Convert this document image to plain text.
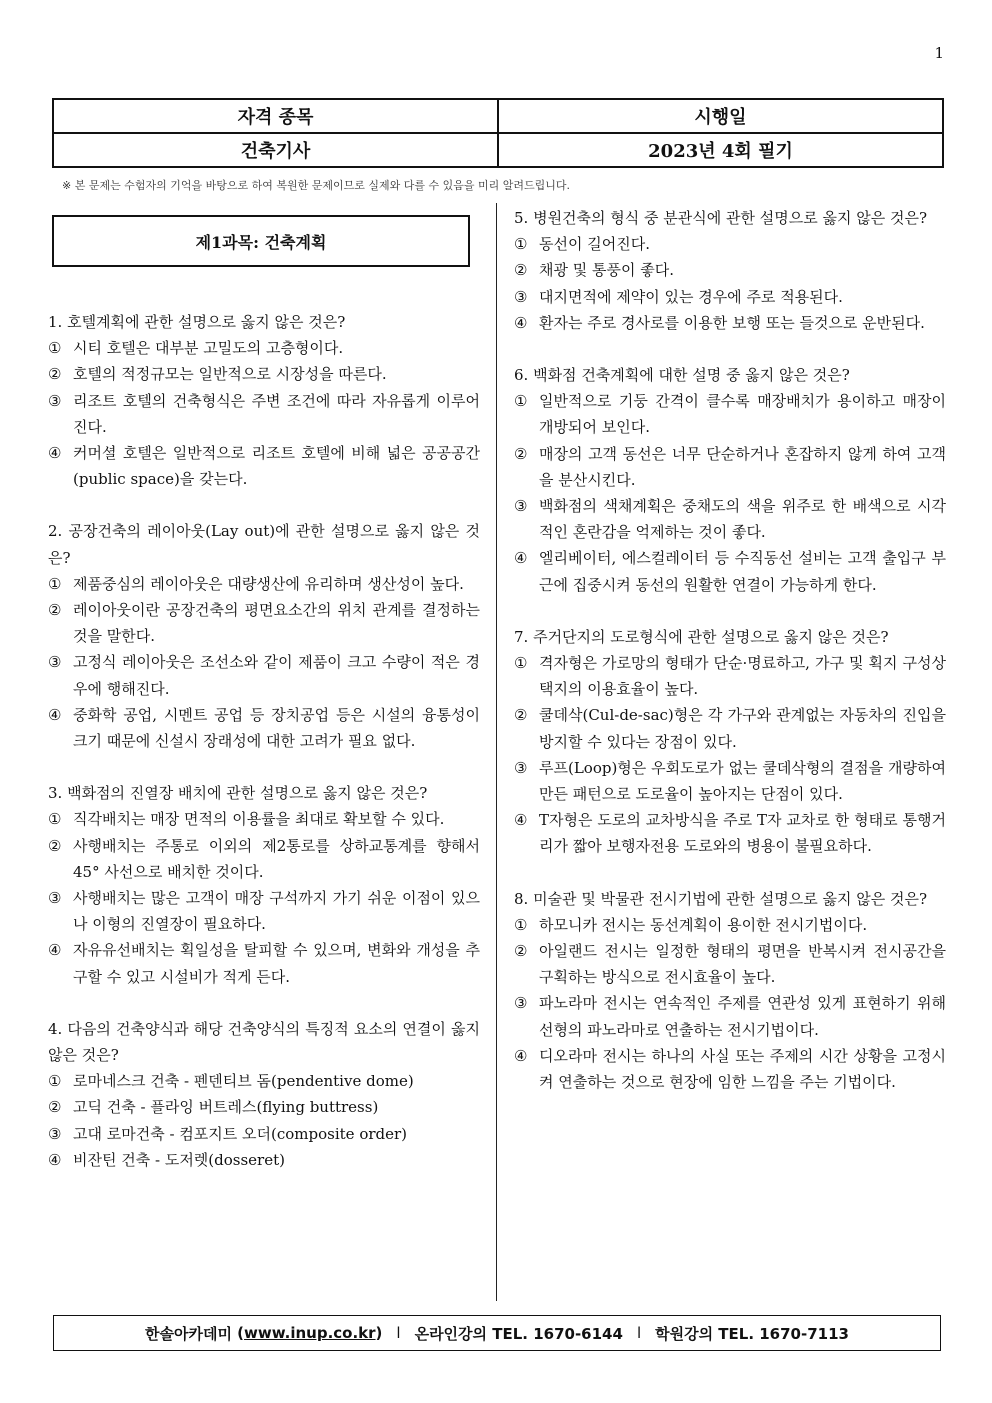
1
자격 종목	시행일
건축기사	2023년 4회 필기
※ 본 문제는 수험자의 기억을 바탕으로 하여 복원한 문제이므로 실제와 다를 수 있음을 미리 알려드립니다.
제1과목: 건축계획
1. 호텔계획에 관한 설명으로 옳지 않은 것은?
① 시티 호텔은 대부분 고밀도의 고층형이다.
② 호텔의 적정규모는 일반적으로 시장성을 따른다.
③ 리조트 호텔의 건축형식은 주변 조건에 따라 자유롭게 이루어진다.
④ 커머셜 호텔은 일반적으로 리조트 호텔에 비해 넓은 공공공간(public space)을 갖는다.
2. 공장건축의 레이아웃(Lay out)에 관한 설명으로 옳지 않은 것은?
① 제품중심의 레이아웃은 대량생산에 유리하며 생산성이 높다.
② 레이아웃이란 공장건축의 평면요소간의 위치 관계를 결정하는 것을 말한다.
③ 고정식 레이아웃은 조선소와 같이 제품이 크고 수량이 적은 경우에 행해진다.
④ 중화학 공업, 시멘트 공업 등 장치공업 등은 시설의 융통성이 크기 때문에 신설시 장래성에 대한 고려가 필요 없다.
3. 백화점의 진열장 배치에 관한 설명으로 옳지 않은 것은?
① 직각배치는 매장 면적의 이용률을 최대로 확보할 수 있다.
② 사행배치는 주통로 이외의 제2통로를 상하교통계를 향해서 45° 사선으로 배치한 것이다.
③ 사행배치는 많은 고객이 매장 구석까지 가기 쉬운 이점이 있으나 이형의 진열장이 필요하다.
④ 자유유선배치는 획일성을 탈피할 수 있으며, 변화와 개성을 추구할 수 있고 시설비가 적게 든다.
4. 다음의 건축양식과 해당 건축양식의 특징적 요소의 연결이 옳지 않은 것은?
① 로마네스크 건축 - 펜덴티브 돔(pendentive dome)
② 고딕 건축 - 플라잉 버트레스(flying buttress)
③ 고대 로마건축 - 컴포지트 오더(composite order)
④ 비잔틴 건축 - 도저렛(dosseret)
5. 병원건축의 형식 중 분관식에 관한 설명으로 옳지 않은 것은?
① 동선이 길어진다.
② 채광 및 통풍이 좋다.
③ 대지면적에 제약이 있는 경우에 주로 적용된다.
④ 환자는 주로 경사로를 이용한 보행 또는 들것으로 운반된다.
6. 백화점 건축계획에 대한 설명 중 옳지 않은 것은?
① 일반적으로 기둥 간격이 클수록 매장배치가 용이하고 매장이 개방되어 보인다.
② 매장의 고객 동선은 너무 단순하거나 혼잡하지 않게 하여 고객을 분산시킨다.
③ 백화점의 색채계획은 중채도의 색을 위주로 한 배색으로 시각적인 혼란감을 억제하는 것이 좋다.
④ 엘리베이터, 에스컬레이터 등 수직동선 설비는 고객 출입구 부근에 집중시켜 동선의 원활한 연결이 가능하게 한다.
7. 주거단지의 도로형식에 관한 설명으로 옳지 않은 것은?
① 격자형은 가로망의 형태가 단순·명료하고, 가구 및 획지 구성상 택지의 이용효율이 높다.
② 쿨데삭(Cul-de-sac)형은 각 가구와 관계없는 자동차의 진입을 방지할 수 있다는 장점이 있다.
③ 루프(Loop)형은 우회도로가 없는 쿨데삭형의 결점을 개량하여 만든 패턴으로 도로율이 높아지는 단점이 있다.
④ T자형은 도로의 교차방식을 주로 T자 교차로 한 형태로 통행거리가 짧아 보행자전용 도로와의 병용이 불필요하다.
8. 미술관 및 박물관 전시기법에 관한 설명으로 옳지 않은 것은?
① 하모니카 전시는 동선계획이 용이한 전시기법이다.
② 아일랜드 전시는 일정한 형태의 평면을 반복시켜 전시공간을 구획하는 방식으로 전시효율이 높다.
③ 파노라마 전시는 연속적인 주제를 연관성 있게 표현하기 위해 선형의 파노라마로 연출하는 전시기법이다.
④ 디오라마 전시는 하나의 사실 또는 주제의 시간 상황을 고정시켜 연출하는 것으로 현장에 임한 느낌을 주는 기법이다.
한솔아카데미 ( www.inup.co.kr ) l 온라인강의 TEL. 1670-6144 l 학원강의 TEL. 1670-7113
